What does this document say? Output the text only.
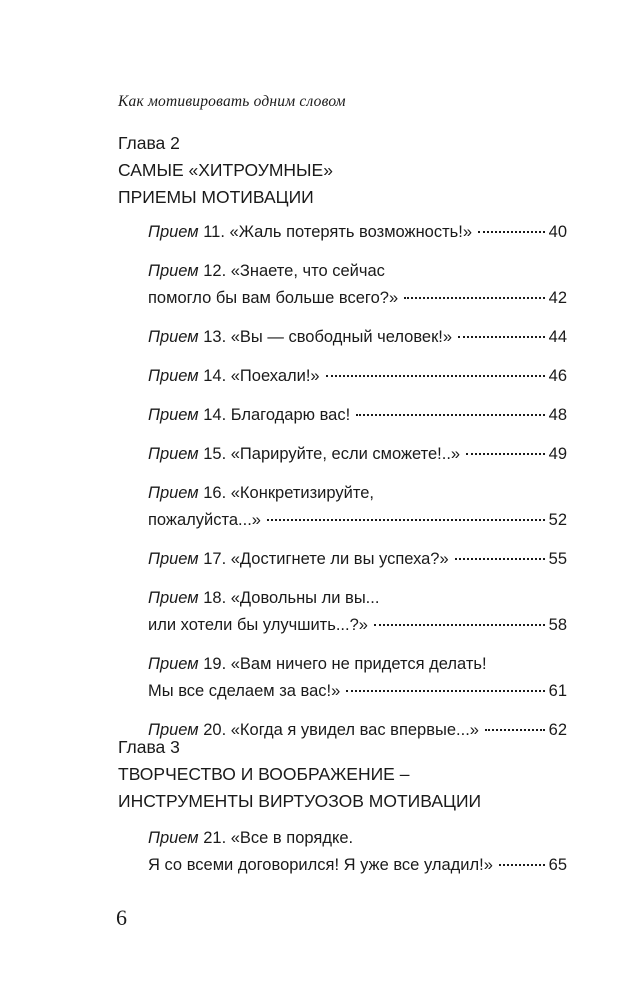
Как мотивировать одним словом
Глава 2
САМЫЕ «ХИТРОУМНЫЕ»
ПРИЕМЫ МОТИВАЦИИ
Прием
11. «Жаль потерять возможность!»	40
Прием
12. «Знаете, что сейчас
помогло бы вам больше всего?»	42
Прием
13. «Вы — свободный человек!»	44
Прием
14. «Поехали!»	46
Прием
14. Благодарю вас!	48
Прием
15. «Парируйте, если сможете!..»	49
Прием
16. «Конкретизируйте,
пожалуйста...»	52
Прием
17. «Достигнете ли вы успеха?»	55
Прием
18. «Довольны ли вы...
или хотели бы улучшить...?»	58
Прием
19. «Вам ничего не придется делать!
Мы все сделаем за вас!»	61
Прием
20. «Когда я увидел вас впервые...»	62
Глава 3
ТВОРЧЕСТВО И ВООБРАЖЕНИЕ –
ИНСТРУМЕНТЫ ВИРТУОЗОВ МОТИВАЦИИ
Прием
21. «Все в порядке.
Я со всеми договорился! Я уже все уладил!»	65
6
